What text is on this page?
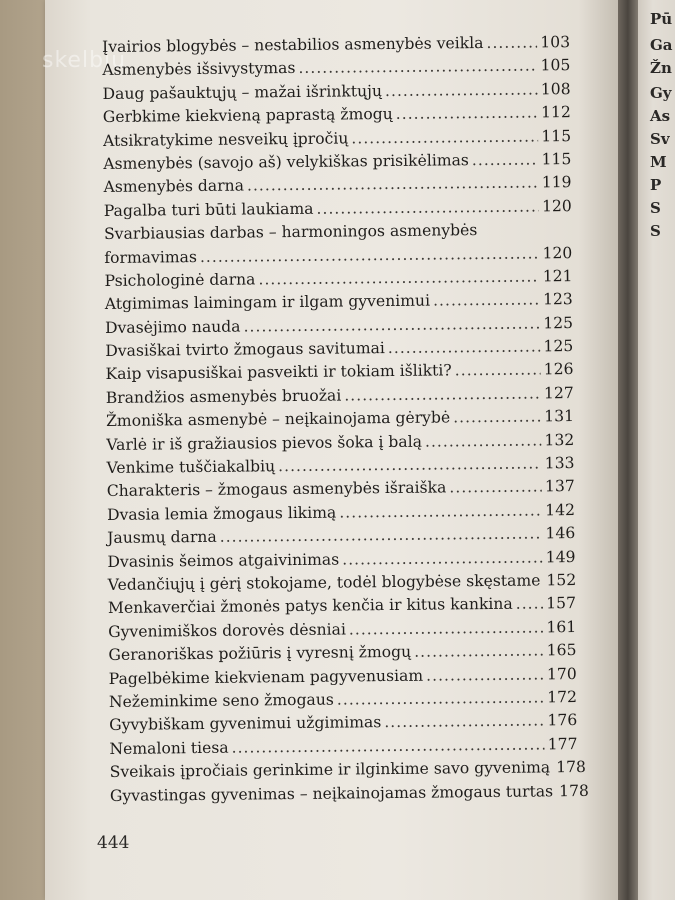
Pū
Ga
Žn
Gy
As
Sv
M
P
S
S
skelbiu
Įvairios blogybės – nestabilios asmenybės veikla .....	103
Asmenybės išsivystymas .....	105
Daug pašauktųjų – mažai išrinktųjų .....	108
Gerbkime kiekvieną paprastą žmogų .....	112
Atsikratykime nesveikų įpročių .....	115
Asmenybės (savojo aš) velykiškas prisikėlimas .....	115
Asmenybės darna .....	119
Pagalba turi būti laukiama .....	120
Svarbiausias darbas – harmoningos asmenybės
formavimas .....	120
Psichologinė darna .....	121
Atgimimas laimingam ir ilgam gyvenimui .....	123
Dvasėjimo nauda .....	125
Dvasiškai tvirto žmogaus savitumai .....	125
Kaip visapusiškai pasveikti ir tokiam išlikti? .....	126
Brandžios asmenybės bruožai .....	127
Žmoniška asmenybė – neįkainojama gėrybė .....	131
Varlė ir iš gražiausios pievos šoka į balą .....	132
Venkime tuščiakalbių .....	133
Charakteris – žmogaus asmenybės išraiška .....	137
Dvasia lemia žmogaus likimą .....	142
Jausmų darna .....	146
Dvasinis šeimos atgaivinimas .....	149
Vedančiųjų į gėrį stokojame, todėl blogybėse skęstame ..... 152
Menkaverčiai žmonės patys kenčia ir kitus kankina ..... 157
Gyvenimiškos dorovės dėsniai .....	161
Geranoriškas požiūris į vyresnį žmogų .....	165
Pagelbėkime kiekvienam pagyvenusiam .....	170
Nežeminkime seno žmogaus .....	172
Gyvybiškam gyvenimui užgimimas .....	176
Nemaloni tiesa .....	177
Sveikais įpročiais gerinkime ir ilginkime savo gyvenimą ..... 178
Gyvastingas gyvenimas – neįkainojamas žmogaus turtas ..... 178
444
